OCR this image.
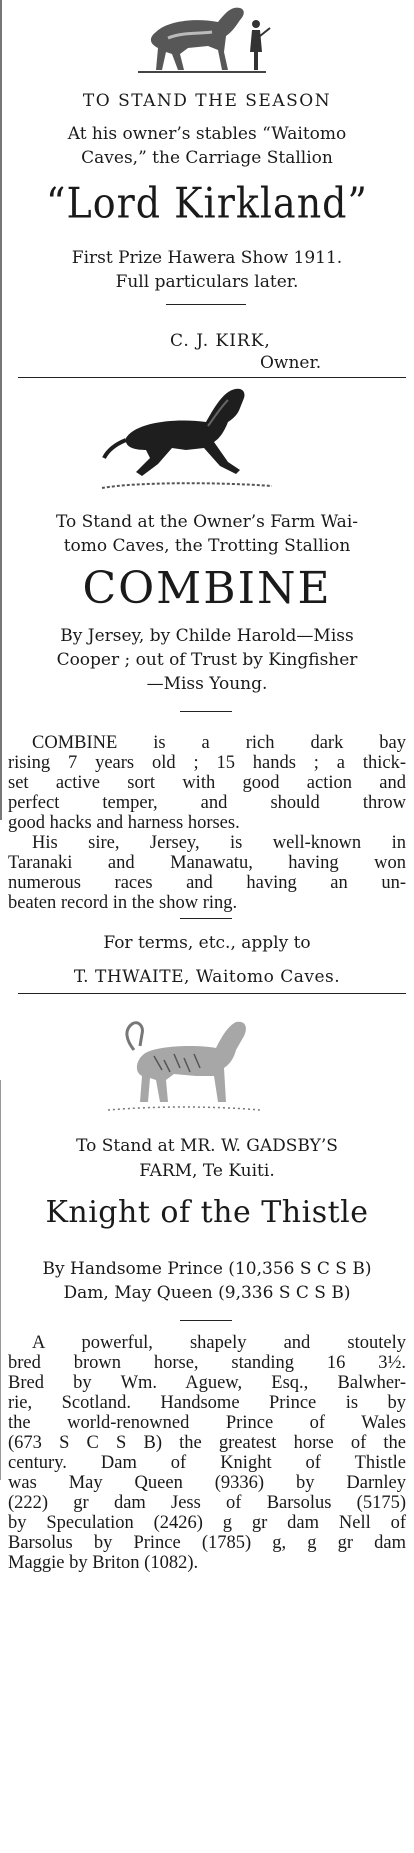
TO STAND THE SEASON
At his owner’s stables “Waitomo
Caves,” the Carriage Stallion
“Lord Kirkland”
First Prize Hawera Show 1911.
Full particulars later.
C. J. KIRK,
Owner.
To Stand at the Owner’s Farm Wai-
tomo Caves, the Trotting Stallion
COMBINE
By Jersey, by Childe Harold—Miss
Cooper ; out of Trust by Kingfisher
—Miss Young.
COMBINE is a rich dark bay
rising 7 years old ; 15 hands ; a thick-
set active sort with good action and
perfect temper, and should throw
good hacks and harness horses.
His sire, Jersey, is well-known in
Taranaki and Manawatu, having won
numerous races and having an un-
beaten record in the show ring.
For terms, etc., apply to
T. THWAITE, Waitomo Caves.
To Stand at MR. W. GADSBY’S
FARM, Te Kuiti.
Knight of the Thistle
By Handsome Prince (10,356 S C S B)
Dam, May Queen (9,336 S C S B)
A powerful, shapely and stoutely
bred brown horse, standing 16 3½.
Bred by Wm. Aguew, Esq., Balwher-
rie, Scotland. Handsome Prince is by
the world-renowned Prince of Wales
(673 S C S B) the greatest horse of the
century. Dam of Knight of Thistle
was May Queen (9336) by Darnley
(222) gr dam Jess of Barsolus (5175)
by Speculation (2426) g gr dam Nell of
Barsolus by Prince (1785) g, g gr dam
Maggie by Briton (1082).
